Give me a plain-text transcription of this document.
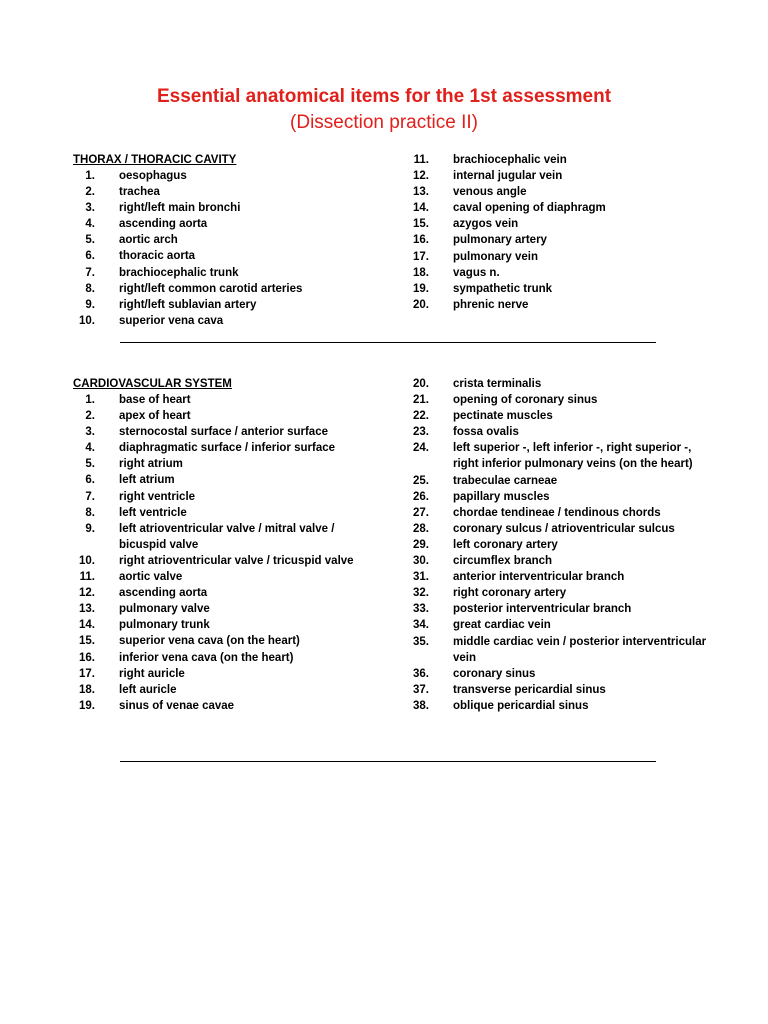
Essential anatomical items for the 1st assessment
(Dissection practice II)
THORAX / THORACIC CAVITY
1. oesophagus
2. trachea
3. right/left main bronchi
4. ascending aorta
5. aortic arch
6. thoracic aorta
7. brachiocephalic trunk
8. right/left common carotid arteries
9. right/left sublavian artery
10. superior vena cava
11. brachiocephalic vein
12. internal jugular vein
13. venous angle
14. caval opening of diaphragm
15. azygos vein
16. pulmonary artery
17. pulmonary vein
18. vagus n.
19. sympathetic trunk
20. phrenic nerve
CARDIOVASCULAR SYSTEM
1. base of heart
2. apex of heart
3. sternocostal surface / anterior surface
4. diaphragmatic surface / inferior surface
5. right atrium
6. left atrium
7. right ventricle
8. left ventricle
9. left atrioventricular valve / mitral valve / bicuspid valve
10. right atrioventricular valve / tricuspid valve
11. aortic valve
12. ascending aorta
13. pulmonary valve
14. pulmonary trunk
15. superior vena cava (on the heart)
16. inferior vena cava (on the heart)
17. right auricle
18. left auricle
19. sinus of venae cavae
20. crista terminalis
21. opening of coronary sinus
22. pectinate muscles
23. fossa ovalis
24. left superior -, left inferior -, right superior -, right inferior pulmonary veins (on the heart)
25. trabeculae carneae
26. papillary muscles
27. chordae tendineae / tendinous chords
28. coronary sulcus / atrioventricular sulcus
29. left coronary artery
30. circumflex branch
31. anterior interventricular branch
32. right coronary artery
33. posterior interventricular branch
34. great cardiac vein
35. middle cardiac vein / posterior interventricular vein
36. coronary sinus
37. transverse pericardial sinus
38. oblique pericardial sinus
